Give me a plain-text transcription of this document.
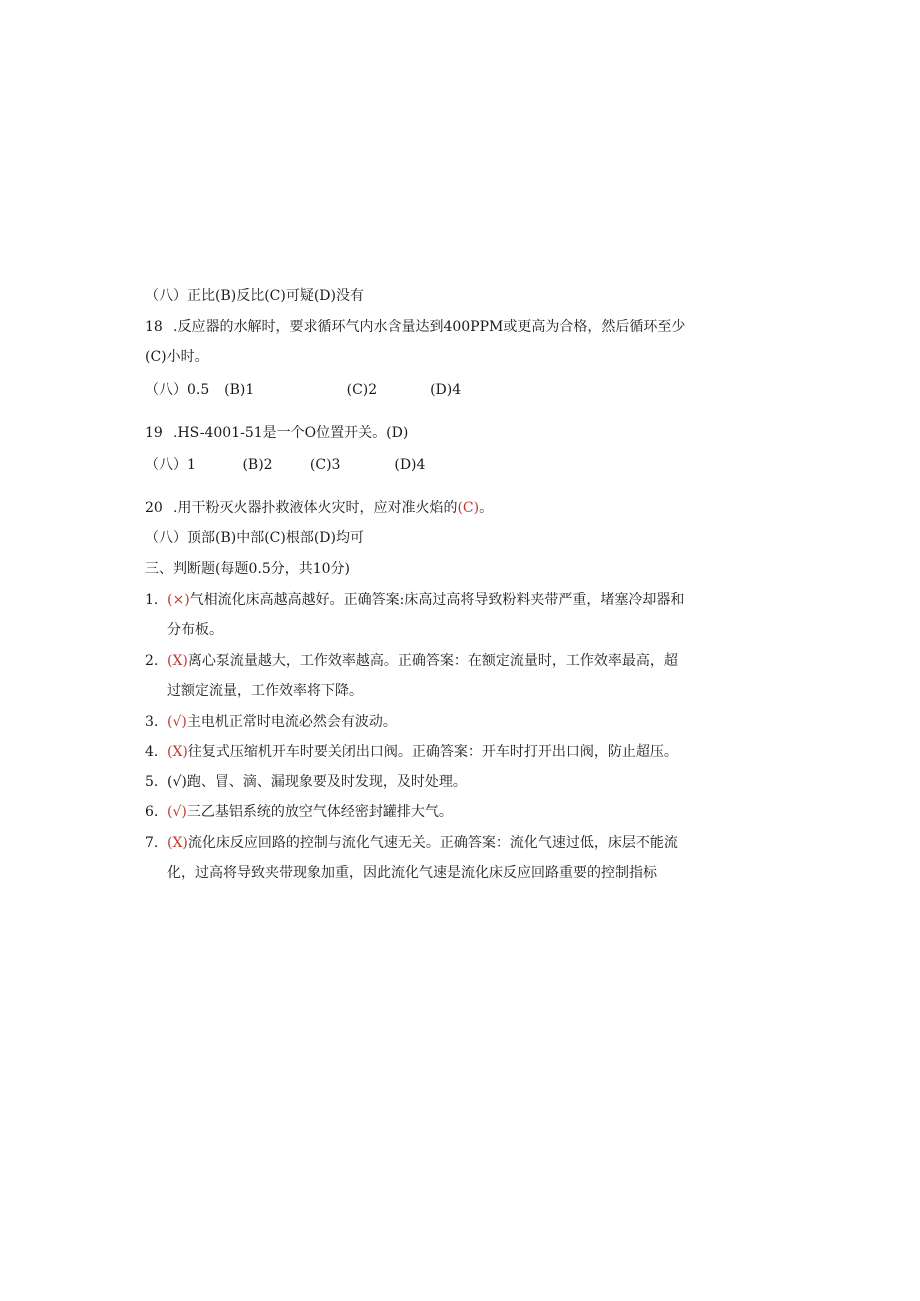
（八）正比(B)反比(C)可疑(D)没有
18 .反应器的水解时，要求循环气内水含量达到400PPM或更高为合格，然后循环至少
(C)小时。
（八）0.5 (B)1	(C)2	(D)4
19 .HS-4001-51是一个O位置开关。(D)
（八）1	(B)2	(C)3	(D)4
20 .用干粉灭火器扑救液体火灾时，应对准火焰的(C)。
（八）顶部(B)中部(C)根部(D)均可
三、判断题(每题0.5分，共10分)
1. (×)气相流化床高越高越好。正确答案:床高过高将导致粉料夹带严重，堵塞冷却器和
分布板。
2. (X)离心泵流量越大，工作效率越高。正确答案：在额定流量时，工作效率最高，超
过额定流量，工作效率将下降。
3. (√)主电机正常时电流必然会有波动。
4. (X)往复式压缩机开车时要关闭出口阀。正确答案：开车时打开出口阀，防止超压。
5. (√)跑、冒、滴、漏现象要及时发现，及时处理。
6. (√)三乙基铝系统的放空气体经密封罐排大气。
7. (X)流化床反应回路的控制与流化气速无关。正确答案：流化气速过低，床层不能流
化，过高将导致夹带现象加重，因此流化气速是流化床反应回路重要的控制指标
